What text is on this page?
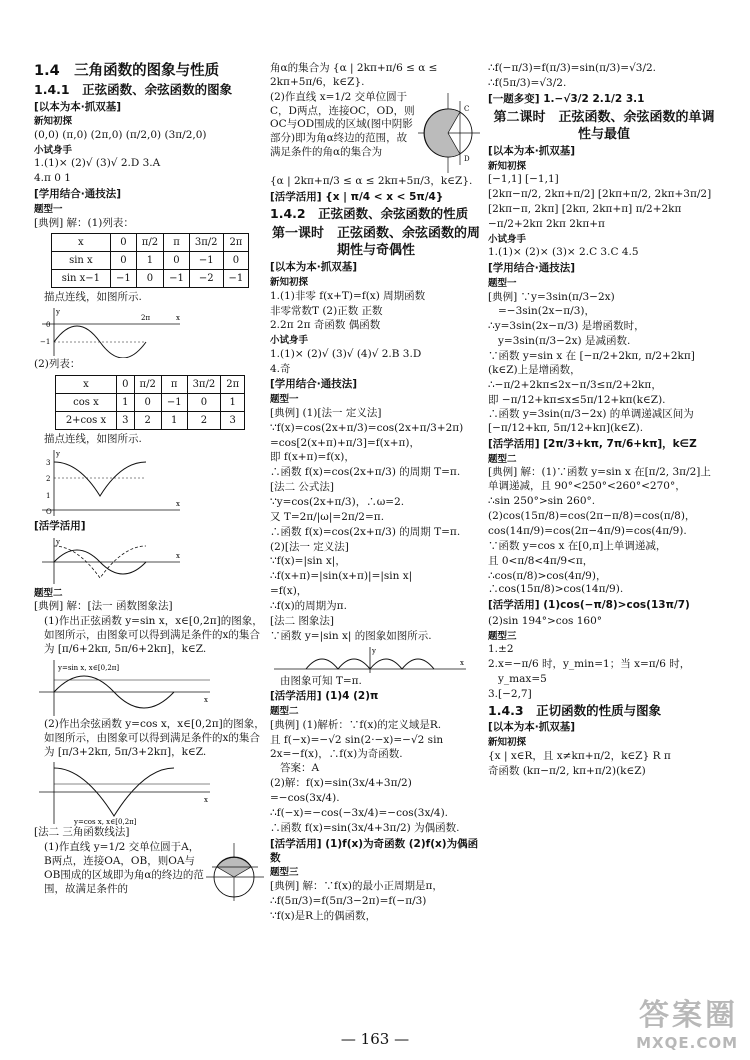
1.4　三角函数的图象与性质
1.4.1　正弦函数、余弦函数的图象
[以本为本·抓双基]
新知初探
(0,0) (π,0) (2π,0) (π/2,0) (3π/2,0)
小试身手
1.(1)× (2)√ (3)√ 2.D 3.A
4.π 0 1
[学用结合·通技法]
题型一
[典例] 解：(1)列表：
x	0	π/2	π	3π/2	2π
sin x	0	1	0	−1	0
sin x−1	−1	0	−1	−2	−1
描点连线，如图所示.
0
−1
2π	x
y
(2)列表：
x	0	π/2	π	3π/2	2π
cos x	1	0	−1	0	1
2+cos x	3	2	1	2	3
描点连线，如图所示.
3
2
1
O
x
y
[活学活用]
x
y
题型二
[典例] 解：[法一 函数图象法]
(1)作出正弦函数 y=sin x，x∈[0,2π]的图象，如图所示，由图象可以得到满足条件的x的集合为 [π/6+2kπ, 5π/6+2kπ]，k∈Z.
y=sin x, x∈[0,2π]
x
(2)作出余弦函数 y=cos x，x∈[0,2π]的图象，如图所示，由图象可以得到满足条件的x的集合为 [π/3+2kπ, 5π/3+2kπ]，k∈Z.
y=cos x, x∈[0,2π]
x
[法二 三角函数线法]
(1)作直线 y=1/2 交单位圆于A，B两点，连接OA，OB，则OA与OB围成的区域即为角α的终边的范围，故满足条件的
角α的集合为 {α | 2kπ+π/6 ≤ α ≤ 2kπ+5π/6，k∈Z}.
(2)作直线 x=1/2 交单位圆于C，D两点，连接OC，OD，则OC与OD围成的区域(图中阴影部分)即为角α终边的范围，故满足条件的角α的集合为
C
D
{α | 2kπ+π/3 ≤ α ≤ 2kπ+5π/3，k∈Z}.
[活学活用] {x | π/4 < x < 5π/4}
1.4.2　正弦函数、余弦函数的性质
第一课时　正弦函数、余弦函数的周期性与奇偶性
[以本为本·抓双基]
新知初探
1.(1)非零 f(x+T)=f(x) 周期函数
非零常数T (2)正数 正数
2.2π 2π 奇函数 偶函数
小试身手
1.(1)× (2)√ (3)√ (4)√ 2.B 3.D
4.奇
[学用结合·通技法]
题型一
[典例] (1)[法一 定义法]
∵f(x)=cos(2x+π/3)=cos(2x+π/3+2π)
=cos[2(x+π)+π/3]=f(x+π)，
即 f(x+π)=f(x)，
∴函数 f(x)=cos(2x+π/3) 的周期 T=π.
[法二 公式法]
∵y=cos(2x+π/3)，∴ω=2.
又 T=2π/|ω|=2π/2=π.
∴函数 f(x)=cos(2x+π/3) 的周期 T=π.
(2)[法一 定义法]
∵f(x)=|sin x|，
∴f(x+π)=|sin(x+π)|=|sin x|
=f(x)，
∴f(x)的周期为π.
[法二 图象法]
∵函数 y=|sin x| 的图象如图所示.
x
y
由图象可知 T=π.
[活学活用] (1)4 (2)π
题型二
[典例] (1)解析：∵f(x)的定义域是R.
且 f(−x)=−√2 sin(2·−x)=−√2 sin 2x=−f(x)，∴f(x)为奇函数.
答案：A
(2)解：f(x)=sin(3x/4+3π/2)
=−cos(3x/4).
∴f(−x)=−cos(−3x/4)=−cos(3x/4).
∴函数 f(x)=sin(3x/4+3π/2) 为偶函数.
[活学活用] (1)f(x)为奇函数 (2)f(x)为偶函数
题型三
[典例] 解：∵f(x)的最小正周期是π，
∴f(5π/3)=f(5π/3−2π)=f(−π/3)
∵f(x)是R上的偶函数，
∴f(−π/3)=f(π/3)=sin(π/3)=√3/2.
∴f(5π/3)=√3/2.
[一题多变] 1.−√3/2 2.1/2 3.1
第二课时　正弦函数、余弦函数的单调性与最值
[以本为本·抓双基]
新知初探
[−1,1] [−1,1]
[2kπ−π/2, 2kπ+π/2] [2kπ+π/2, 2kπ+3π/2]
[2kπ−π, 2kπ] [2kπ, 2kπ+π] π/2+2kπ
−π/2+2kπ 2kπ 2kπ+π
小试身手
1.(1)× (2)× (3)× 2.C 3.C 4.5
[学用结合·通技法]
题型一
[典例] ∵y=3sin(π/3−2x)
=−3sin(2x−π/3)，
∴y=3sin(2x−π/3) 是增函数时，
y=3sin(π/3−2x) 是减函数.
∵函数 y=sin x 在 [−π/2+2kπ, π/2+2kπ](k∈Z)上是增函数，
∴−π/2+2kπ≤2x−π/3≤π/2+2kπ，
即 −π/12+kπ≤x≤5π/12+kπ(k∈Z).
∴函数 y=3sin(π/3−2x) 的单调递减区间为 [−π/12+kπ, 5π/12+kπ](k∈Z).
[活学活用] [2π/3+kπ, 7π/6+kπ]，k∈Z
题型二
[典例] 解：(1)∵函数 y=sin x 在[π/2, 3π/2]上单调递减，且 90°<250°<260°<270°，
∴sin 250°>sin 260°.
(2)cos(15π/8)=cos(2π−π/8)=cos(π/8)，
cos(14π/9)=cos(2π−4π/9)=cos(4π/9).
∵函数 y=cos x 在[0,π]上单调递减，
且 0<π/8<4π/9<π，
∴cos(π/8)>cos(4π/9)，∴cos(15π/8)>cos(14π/9).
[活学活用] (1)cos(−π/8)>cos(13π/7)
(2)sin 194°>cos 160°
题型三
1.±2
2.x=−π/6 时，y_min=1；当 x=π/6 时，
y_max=5
3.[−2,7]
1.4.3　正切函数的性质与图象
[以本为本·抓双基]
新知初探
{x | x∈R，且 x≠kπ+π/2，k∈Z} R π
奇函数 (kπ−π/2, kπ+π/2)(k∈Z)
— 163 —
答案圈
MXQE.COM
